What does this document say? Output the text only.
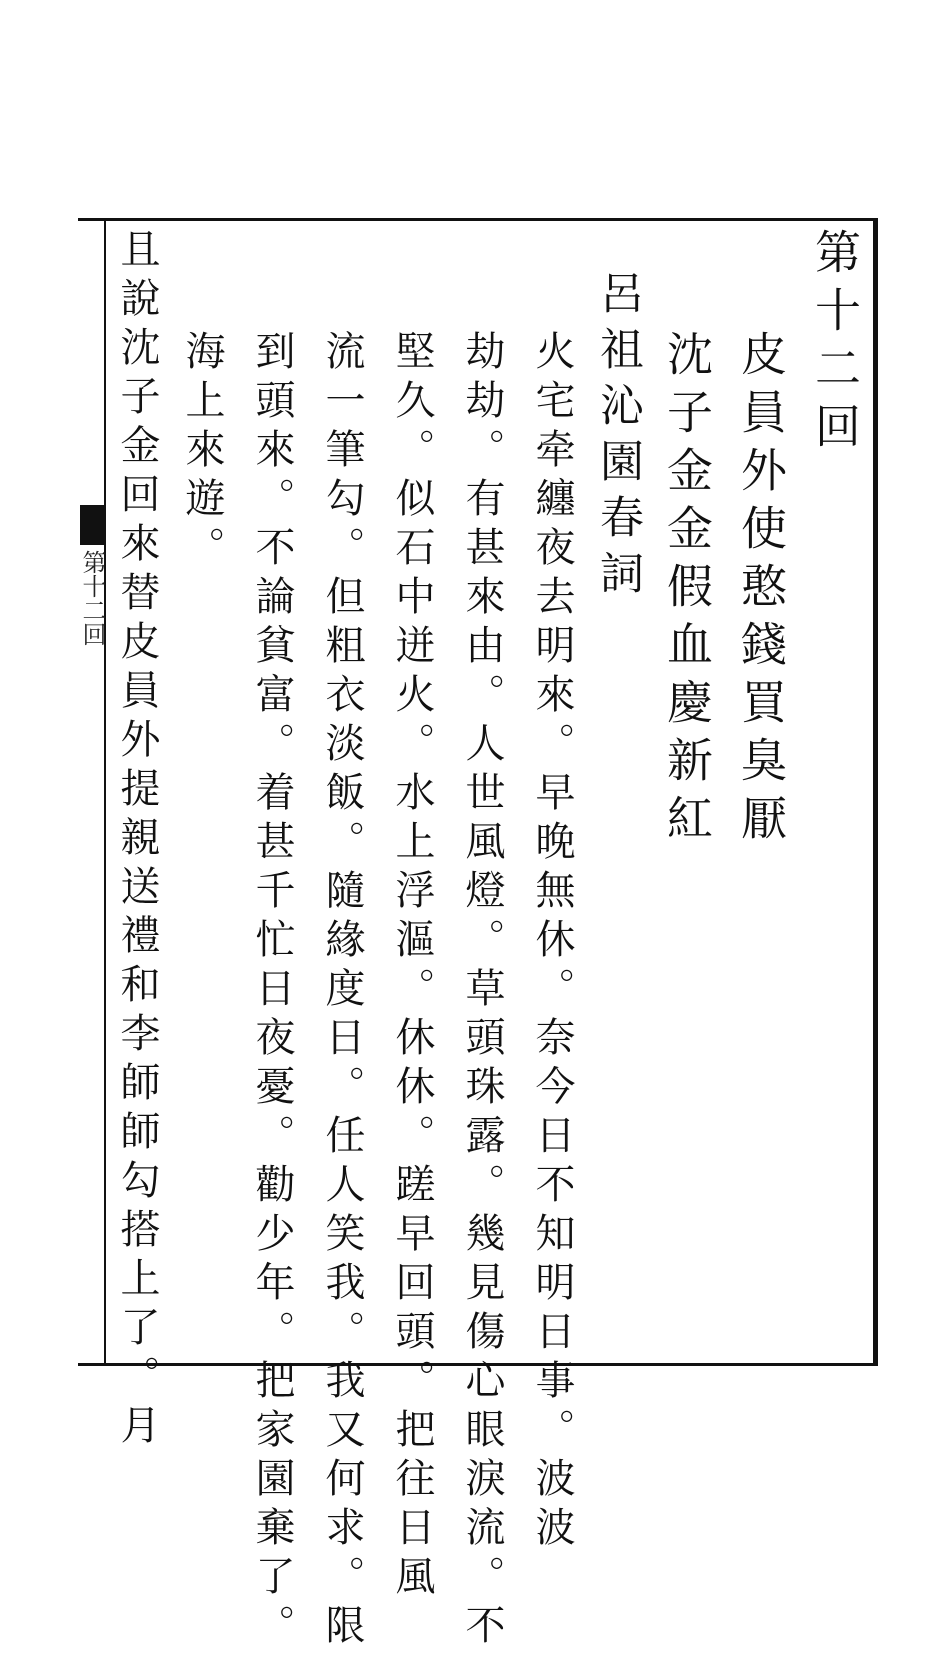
第十二回
第十二回
皮員外使憨錢買臭厭
沈子金金假血慶新紅
呂祖沁園春詞
火宅牵纏夜去明來。早晚無休。奈今日不知明日事。波波
劫劫。有甚來由。人世風燈。草頭珠露。幾見傷心眼淚流。不
堅久。似石中迸火。水上浮漚。休休。蹉早回頭。把往日風
流一筆勾。但粗衣淡飯。隨緣度日。任人笑我。我又何求。限
到頭來。不論貧富。着甚千忙日夜憂。勸少年。把家園棄了。
海上來遊。
且說沈子金回來替皮員外提親送禮和李師師勾搭上了。月
